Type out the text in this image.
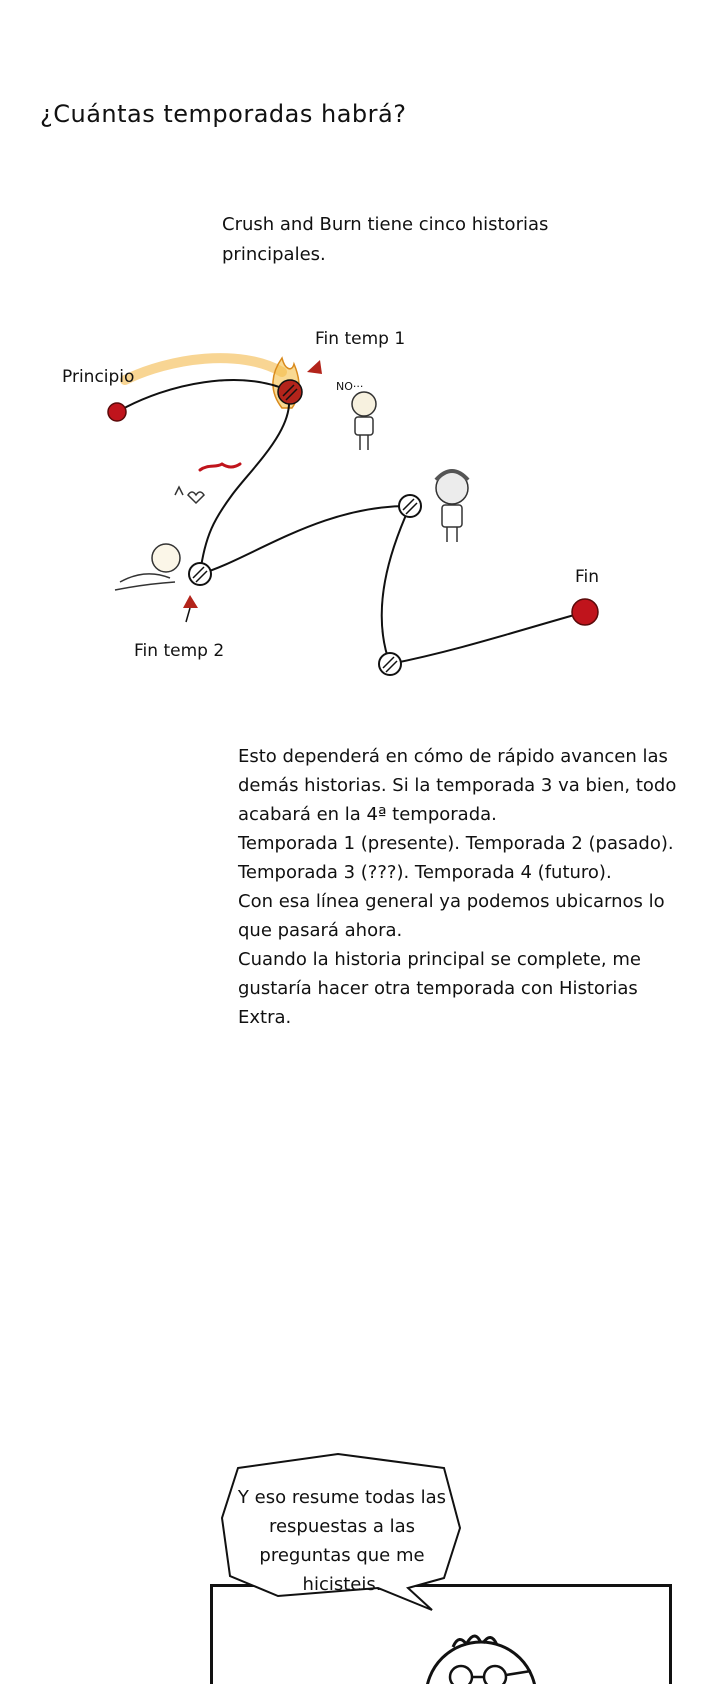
¿Cuántas temporadas habrá?
Crush and Burn tiene cinco historias principales.
Principio
Fin temp 1
Fin temp 2
Fin
NO···

Esto dependerá en cómo de rápido avancen las demás historias. Si la temporada 3 va bien, todo acabará en la 4ª temporada.

Temporada 1 (presente). Temporada 2 (pasado). Temporada 3 (???). Temporada 4 (futuro).

Con esa línea general ya podemos ubicarnos lo que pasará ahora.

Cuando la historia principal se complete, me gustaría hacer otra temporada con Historias Extra.

Y eso resume todas las respuestas a las preguntas que me hicisteis.
